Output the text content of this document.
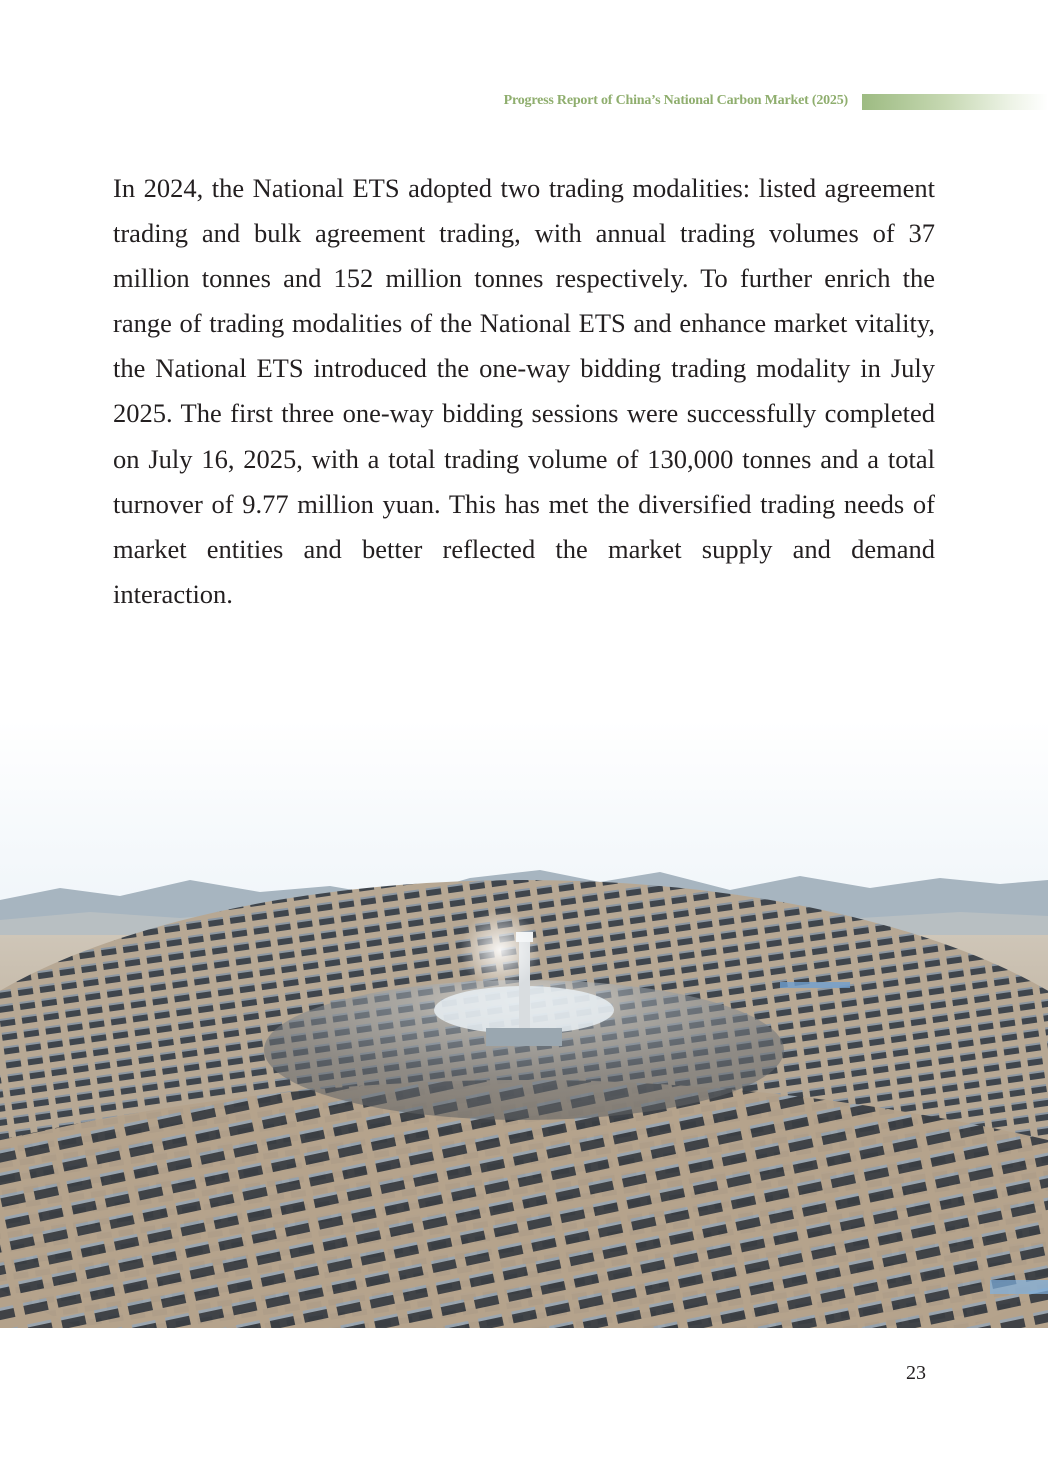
Progress Report of China’s National Carbon Market (2025)

In 2024, the National ETS adopted two trading modalities: listed agreement trading and bulk agreement trading, with annual trading volumes of 37 million tonnes and 152 million tonnes respectively. To further enrich the range of trading modalities of the National ETS and enhance market vitality, the National ETS introduced the one-way bidding trading modality in July 2025. The first three one-way bidding sessions were successfully completed on July 16, 2025, with a total trading volume of 130,000 tonnes and a total turnover of 9.77 million yuan. This has met the diversified trading needs of market entities and better reflected the market supply and demand interaction.

23
